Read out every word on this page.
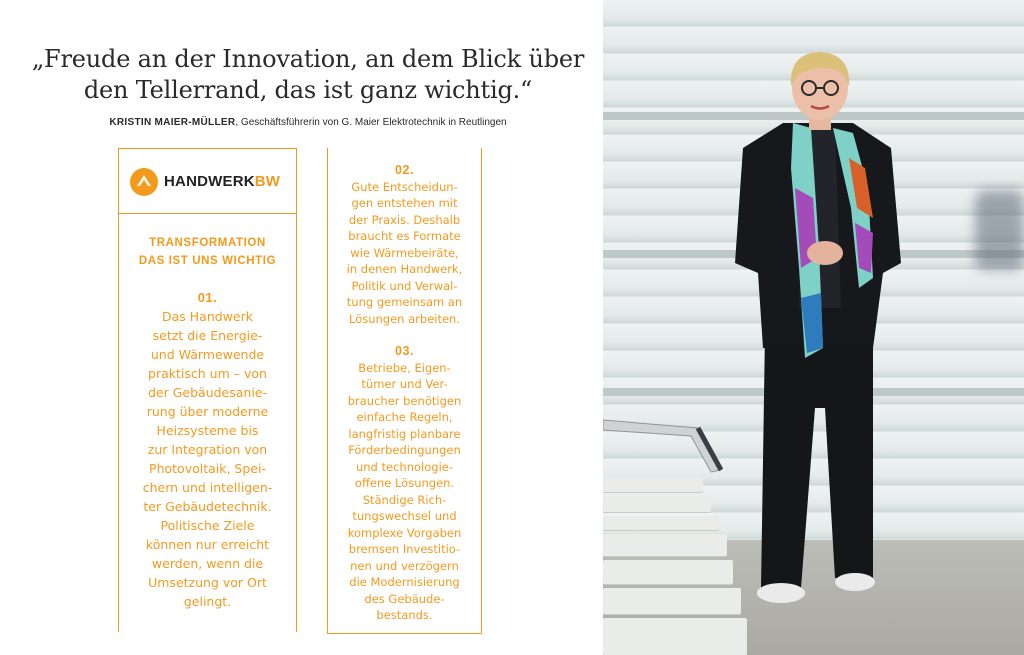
„Freude an der Innovation, an dem Blick über
den Tellerrand, das ist ganz wichtig.“
KRISTIN MAIER-MÜLLER, Geschäftsführerin von G. Maier Elektrotechnik in Reutlingen
HANDWERKBW
TRANSFORMATION
DAS IST UNS WICHTIG
01.
Das Handwerk
setzt die Energie-
und Wärmewende
praktisch um – von
der Gebäudesanie-
rung über moderne
Heizsysteme bis
zur Integration von
Photovoltaik, Spei-
chern und intelligen-
ter Gebäudetechnik.
Politische Ziele
können nur erreicht
werden, wenn die
Umsetzung vor Ort
gelingt.
02.
Gute Entscheidun-
gen entstehen mit
der Praxis. Deshalb
braucht es Formate
wie Wärmebeiräte,
in denen Handwerk,
Politik und Verwal-
tung gemeinsam an
Lösungen arbeiten.
03.
Betriebe, Eigen-
tümer und Ver-
braucher benötigen
einfache Regeln,
langfristig planbare
Förderbedingungen
und technologie-
offene Lösungen.
Ständige Rich-
tungswechsel und
komplexe Vorgaben
bremsen Investitio-
nen und verzögern
die Modernisierung
des Gebäude-
bestands.
